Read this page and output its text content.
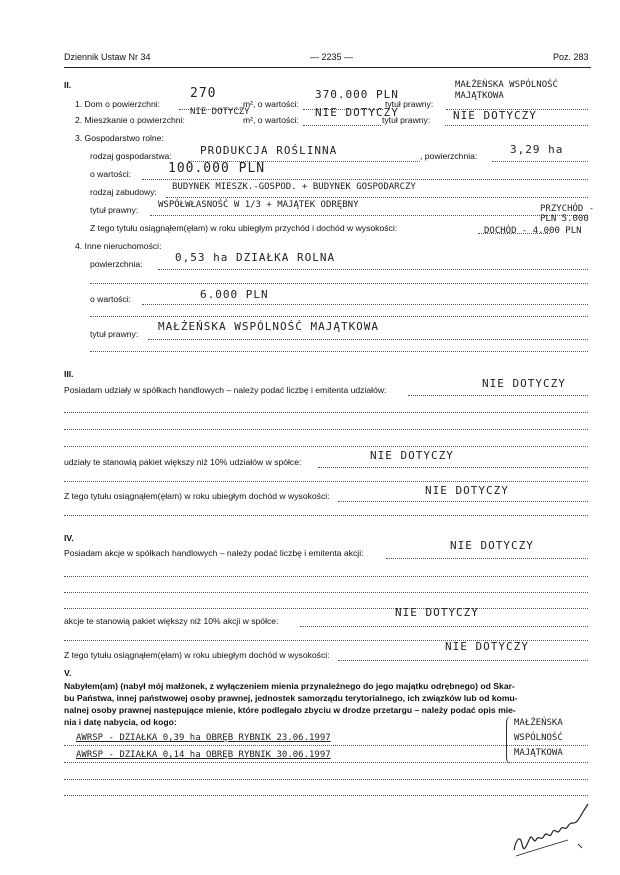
Dziennik Ustaw Nr 34	— 2235 —	Poz. 283
II.
1. Dom o powierzchni:
270
m², o wartości:
370.000 PLN
tytuł prawny:
MAŁŻEŃSKA WSPÓLNOŚĆ MAJĄTKOWA
2. Mieszkanie o powierzchni:
NIE DOTYCZY
m², o wartości:
NIE DOTYCZY
tytuł prawny: NIE DOTYCZY
3. Gospodarstwo rolne:
rodzaj gospodarstwa:	PRODUKCJA ROŚLINNA	, powierzchnia:	3,29 ha
o wartości:	100.000 PLN
rodzaj zabudowy: BUDYNEK MIESZK.-GOSPOD. + BUDYNEK GOSPODARCZY
tytuł prawny: WSPÓŁWŁASNOŚĆ W 1/3 + MAJĄTEK ODRĘBNY
Z tego tytułu osiągnąłem(ęłam) w roku ubiegłym przychód i dochód w wysokości:
PRZYCHÓD - PLN 5.000
DOCHÓD - 4.000 PLN
4. Inne nieruchomości:
powierzchnia:	0,53 ha DZIAŁKA ROLNA
o wartości:	6.000 PLN
tytuł prawny:
MAŁŻEŃSKA WSPÓLNOŚĆ MAJĄTKOWA
III.
Posiadam udziały w spółkach handlowych – należy podać liczbę i emitenta udziałów:	NIE DOTYCZY
udziały te stanowią pakiet większy niż 10% udziałów w spółce:	NIE DOTYCZY
Z tego tytułu osiągnąłem(ęłam) w roku ubiegłym dochód w wysokości:	NIE DOTYCZY
IV.
Posiadam akcje w spółkach handlowych – należy podać liczbę i emitenta akcji:
NIE DOTYCZY
akcje te stanowią pakiet większy niż 10% akcji w spółce:
NIE DOTYCZY
Z tego tytułu osiągnąłem(ęłam) w roku ubiegłym dochód w wysokości:
NIE DOTYCZY
V.
Nabyłem(am) (nabył mój małżonek, z wyłączeniem mienia przynależnego do jego majątku odrębnego) od Skar-
bu Państwa, innej państwowej osoby prawnej, jednostek samorządu terytorialnego, ich związków lub od komu-
nalnej osoby prawnej następujące mienie, które podlegało zbyciu w drodze przetargu – należy podać opis mie-
nia i datę nabycia, od kogo:
AWRSP - DZIAŁKA 0,39 ha OBRĘB RYBNIK 23.06.1997
AWRSP - DZIAŁKA 0,14 ha OBRĘB RYBNIK 30.06.1997
MAŁŻEŃSKA
WSPÓLNOŚĆ
MAJĄTKOWA
